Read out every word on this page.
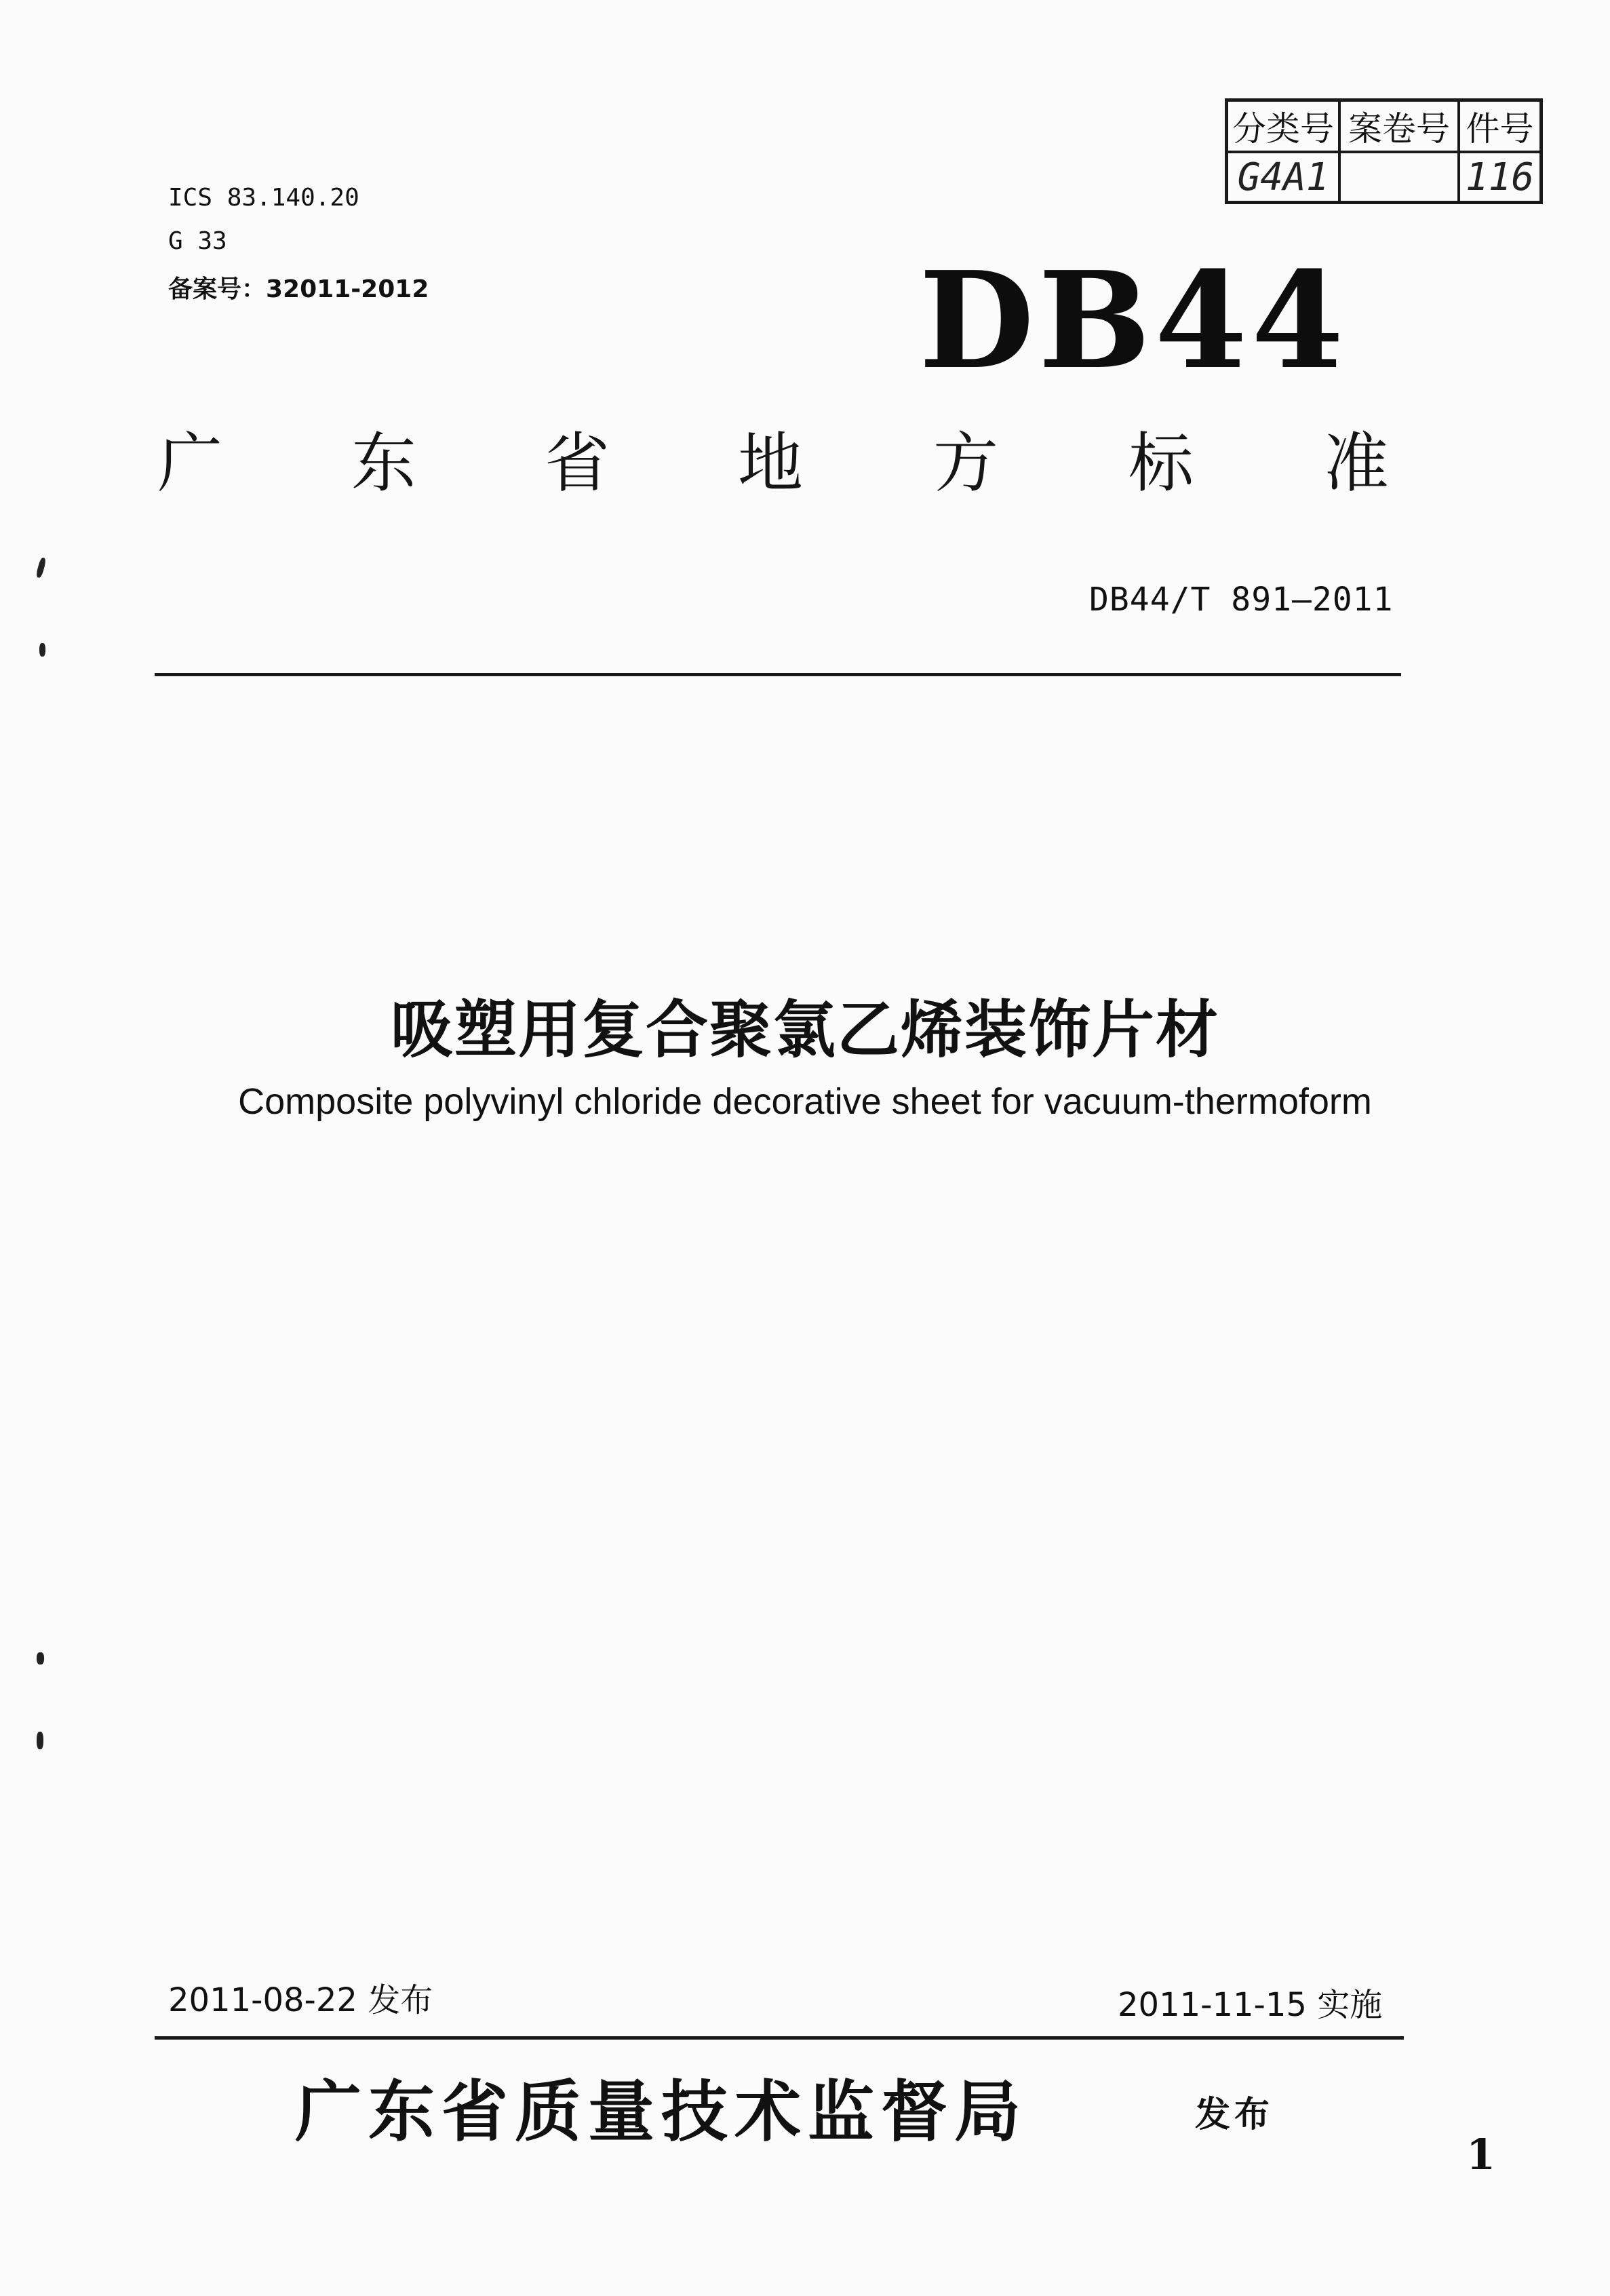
分类号	案卷号	件号
G4A1		116
ICS 83.140.20
G 33
备案号：32011-2012	DB44
广 东 省 地 方 标 准
DB44/T 891—2011
吸塑用复合聚氯乙烯装饰片材
Composite polyvinyl chloride decorative sheet for vacuum-thermoform
2011-08-22 发布	2011-11-15 实施
广东省质量技术监督局	发布
1
